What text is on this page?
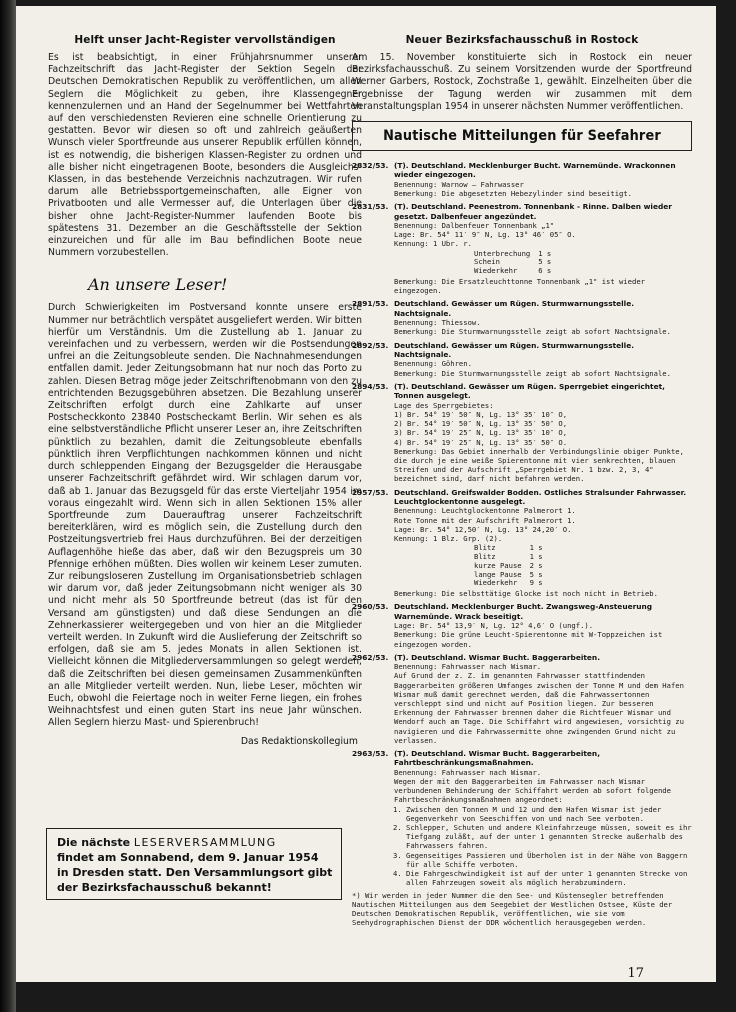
Helft unser Jacht-Register vervollständigen

Es ist beabsichtigt, in einer Frühjahrsnummer unserer Fachzeitschrift das Jacht-Register der Sektion Segeln der Deutschen Demokratischen Republik zu veröffentlichen, um allen Seglern die Möglichkeit zu geben, ihre Klassengegner kennenzulernen und an Hand der Segelnummer bei Wettfahrten auf den verschiedensten Revieren eine schnelle Orientierung zu gestatten. Bevor wir diesen so oft und zahlreich geäußerten Wunsch vieler Sportfreunde aus unserer Republik erfüllen können, ist es notwendig, die bisherigen Klassen-Register zu ordnen und alle bisher nicht eingetragenen Boote, besonders die Ausgleichs-Klassen, in das bestehende Verzeichnis nachzutragen. Wir rufen darum alle Betriebssportgemeinschaften, alle Eigner von Privatbooten und alle Vermesser auf, die Unterlagen über die bisher ohne Jacht-Register-Nummer laufenden Boote bis spätestens 31. Dezember an die Geschäftsstelle der Sektion einzureichen und für alle im Bau befindlichen Boote neue Nummern vorzubestellen.

An unsere Leser!

Durch Schwierigkeiten im Postversand konnte unsere erste Nummer nur beträchtlich verspätet ausgeliefert werden. Wir bitten hierfür um Verständnis. Um die Zustellung ab 1. Januar zu vereinfachen und zu verbessern, werden wir die Postsendungen unfrei an die Zeitungsobleute senden. Die Nachnahmesendungen entfallen damit. Jeder Zeitungsobmann hat nur noch das Porto zu zahlen. Diesen Betrag möge jeder Zeitschriftenobmann von den zu entrichtenden Bezugsgebühren absetzen. Die Bezahlung unserer Zeitschriften erfolgt durch eine Zahlkarte auf unser Postscheckkonto 23840 Postscheckamt Berlin. Wir sehen es als eine selbstverständliche Pflicht unserer Leser an, ihre Zeitschriften pünktlich zu bezahlen, damit die Zeitungsobleute ebenfalls pünktlich ihren Verpflichtungen nachkommen können und nicht durch schleppenden Eingang der Bezugsgelder die Herausgabe unserer Fachzeitschrift gefährdet wird. Wir schlagen darum vor, daß ab 1. Januar das Bezugsgeld für das erste Vierteljahr 1954 im voraus eingezahlt wird. Wenn sich in allen Sektionen 15% aller Sportfreunde zum Dauerauftrag unserer Fachzeitschrift bereiterklären, wird es möglich sein, die Zustellung durch den Postzeitungsvertrieb frei Haus durchzuführen. Bei der derzeitigen Auflagenhöhe hieße das aber, daß wir den Bezugspreis um 30 Pfennige erhöhen müßten. Dies wollen wir keinem Leser zumuten. Zur reibungsloseren Zustellung im Organisationsbetrieb schlagen wir darum vor, daß jeder Zeitungsobmann nicht weniger als 30 und nicht mehr als 50 Sportfreunde betreut (das ist für den Versand am günstigsten) und daß diese Sendungen an die Zehnerkassierer weitergegeben und von hier an die Mitglieder verteilt werden. In Zukunft wird die Auslieferung der Zeitschrift so erfolgen, daß sie am 5. jedes Monats in allen Sektionen ist. Vielleicht können die Mitgliederversammlungen so gelegt werden, daß die Zeitschriften bei diesen gemeinsamen Zusammenkünften an alle Mitglieder verteilt werden. Nun, liebe Leser, möchten wir Euch, obwohl die Feiertage noch in weiter Ferne liegen, ein frohes Weihnachtsfest und einen guten Start ins neue Jahr wünschen. Allen Seglern hierzu Mast- und Spierenbruch!

Das Redaktionskollegium
Die nächste LESERVERSAMMLUNG
findet am Sonnabend, dem 9. Januar 1954
in Dresden statt. Den Versammlungsort gibt
der Bezirksfachausschuß bekannt!
Neuer Bezirksfachausschuß in Rostock

Am 15. November konstituierte sich in Rostock ein neuer Bezirksfachausschuß. Zu seinem Vorsitzenden wurde der Sportfreund Werner Garbers, Rostock, Zochstraße 1, gewählt. Einzelheiten über die Ergebnisse der Tagung werden wir zusammen mit dem Veranstaltungsplan 1954 in unserer nächsten Nummer veröffentlichen.

Nautische Mitteilungen für Seefahrer
2832/53. (T). Deutschland. Mecklenburger Bucht. Warnemünde. Wrackonnen wieder eingezogen.
Benennung: Warnow — Fahrwasser
Bemerkung: Die abgesetzten Hebezylinder sind beseitigt.
2831/53. (T). Deutschland. Peenestrom. Tonnenbank - Rinne. Dalben wieder gesetzt. Dalbenfeuer angezündet.
Benennung: Dalbenfeuer Tonnenbank „1"
Lage: Br. 54° 11′ 9″ N, Lg. 13° 46′ 05″ O.
Kennung: 1 Ubr. r.
Unterbrechung	1 s
Schein	5 s
Wiederkehr	6 s
Bemerkung: Die Ersatzleuchttonne Tonnenbank „1" ist wieder eingezogen.
2891/53. Deutschland. Gewässer um Rügen. Sturmwarnungsstelle. Nachtsignale.
Benennung: Thiessow.
Bemerkung: Die Sturmwarnungsstelle zeigt ab sofort Nachtsignale.
2892/53. Deutschland. Gewässer um Rügen. Sturmwarnungsstelle. Nachtsignale.
Benennung: Göhren.
Bemerkung: Die Sturmwarnungsstelle zeigt ab sofort Nachtsignale.
2894/53. (T). Deutschland. Gewässer um Rügen. Sperrgebiet eingerichtet, Tonnen ausgelegt.
Lage des Sperrgebietes:
1) Br. 54° 19′ 50″ N, Lg. 13° 35′ 10″ O,
2) Br. 54° 19′ 50″ N, Lg. 13° 35′ 50″ O,
3) Br. 54° 19′ 25″ N, Lg. 13° 35′ 10″ O,
4) Br. 54° 19′ 25″ N, Lg. 13° 35′ 50″ O.
Bemerkung: Das Gebiet innerhalb der Verbindungslinie obiger Punkte, die durch je eine weiße Spierentonne mit vier senkrechten, blauen Streifen und der Aufschrift „Sperrgebiet Nr. 1 bzw. 2, 3, 4" bezeichnet sind, darf nicht befahren werden.
2957/53. Deutschland. Greifswalder Bodden. Ostliches Stralsunder Fahrwasser. Leuchtglockentonne ausgelegt.
Benennung: Leuchtglockentonne Palmerort 1.
Rote Tonne mit der Aufschrift Palmerort 1.
Lage: Br. 54° 12,50′ N, Lg. 13° 24,20′ O.
Kennung: 1 Blz. Grp. (2).
Blitz	1 s
Blitz	1 s
kurze Pause	2 s
lange Pause	5 s
Wiederkehr	9 s
Bemerkung: Die selbsttätige Glocke ist noch nicht in Betrieb.
2960/53. Deutschland. Mecklenburger Bucht. Zwangsweg-Ansteuerung Warnemünde. Wrack beseitigt.
Lage: Br. 54° 13,9′ N, Lg. 12° 4,6′ O (ungf.).
Bemerkung: Die grüne Leucht-Spierentonne mit W-Toppzeichen ist eingezogen worden.
2962/53. (T). Deutschland. Wismar Bucht. Baggerarbeiten.
Benennung: Fahrwasser nach Wismar.
Auf Grund der z. Z. im genannten Fahrwasser stattfindenden Baggerarbeiten größeren Umfanges zwischen der Tonne M und dem Hafen Wismar muß damit gerechnet werden, daß die Fahrwassertonnen verschleppt sind und nicht auf Position liegen. Zur besseren Erkennung der Fahrwasser brennen daher die Richtfeuer Wismar und Wendorf auch am Tage. Die Schiffahrt wird angewiesen, vorsichtig zu navigieren und die Fahrwassermitte ohne zwingenden Grund nicht zu verlassen.
2963/53. (T). Deutschland. Wismar Bucht. Baggerarbeiten, Fahrtbeschränkungsmaßnahmen.
Benennung: Fahrwasser nach Wismar.
Wegen der mit den Baggerarbeiten im Fahrwasser nach Wismar verbundenen Behinderung der Schiffahrt werden ab sofort folgende Fahrtbeschränkungsmaßnahmen angeordnet:
1. Zwischen den Tonnen M und 12 und dem Hafen Wismar ist jeder Gegenverkehr von Seeschiffen von und nach See verboten.
2. Schlepper, Schuten und andere Kleinfahrzeuge müssen, soweit es ihr Tiefgang zuläßt, auf der unter 1 genannten Strecke außerhalb des Fahrwassers fahren.
3. Gegenseitiges Passieren und Überholen ist in der Nähe von Baggern für alle Schiffe verboten.
4. Die Fahrgeschwindigkeit ist auf der unter 1 genannten Strecke von allen Fahrzeugen soweit als möglich herabzumindern.
*) Wir werden in jeder Nummer die den See- und Küstensegler betreffenden Nautischen Mitteilungen aus dem Seegebiet der Westlichen Ostsee, Küste der Deutschen Demokratischen Republik, veröffentlichen, wie sie vom Seehydrographischen Dienst der DDR wöchentlich herausgegeben werden.
17
